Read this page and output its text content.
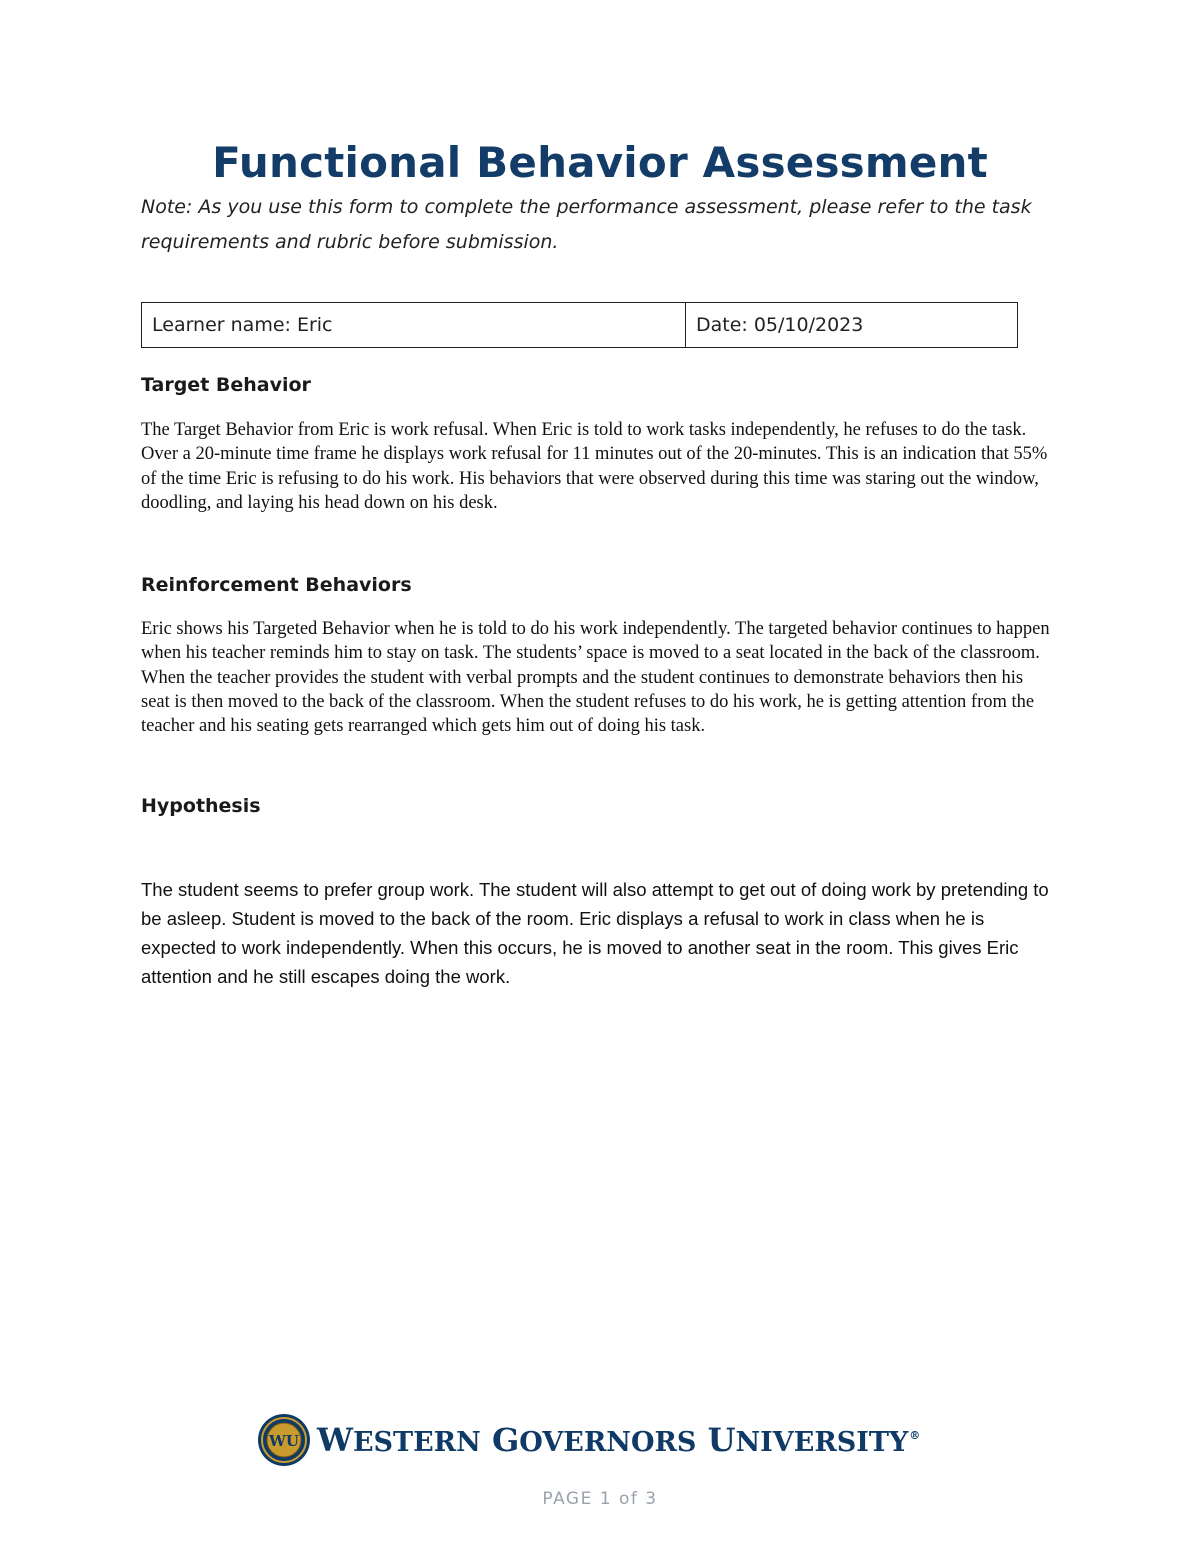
Functional Behavior Assessment

Note: As you use this form to complete the performance assessment, please refer to the task requirements and rubric before submission.

Learner name: Eric	Date: 05/10/2023
Target Behavior

The Target Behavior from Eric is work refusal. When Eric is told to work tasks independently, he refuses to do the task. Over a 20-minute time frame he displays work refusal for 11 minutes out of the 20-minutes. This is an indication that 55% of the time Eric is refusing to do his work. His behaviors that were observed during this time was staring out the window, doodling, and laying his head down on his desk.

Reinforcement Behaviors

Eric shows his Targeted Behavior when he is told to do his work independently. The targeted behavior continues to happen when his teacher reminds him to stay on task. The students’ space is moved to a seat located in the back of the classroom. When the teacher provides the student with verbal prompts and the student continues to demonstrate behaviors then his seat is then moved to the back of the classroom. When the student refuses to do his work, he is getting attention from the teacher and his seating gets rearranged which gets him out of doing his task.

Hypothesis

The student seems to prefer group work. The student will also attempt to get out of doing work by pretending to be asleep. Student is moved to the back of the room. Eric displays a refusal to work in class when he is expected to work independently. When this occurs, he is moved to another seat in the room. This gives Eric attention and he still escapes doing the work.

WU WESTERN GOVERNORS UNIVERSITY®
PAGE 1 of 3
